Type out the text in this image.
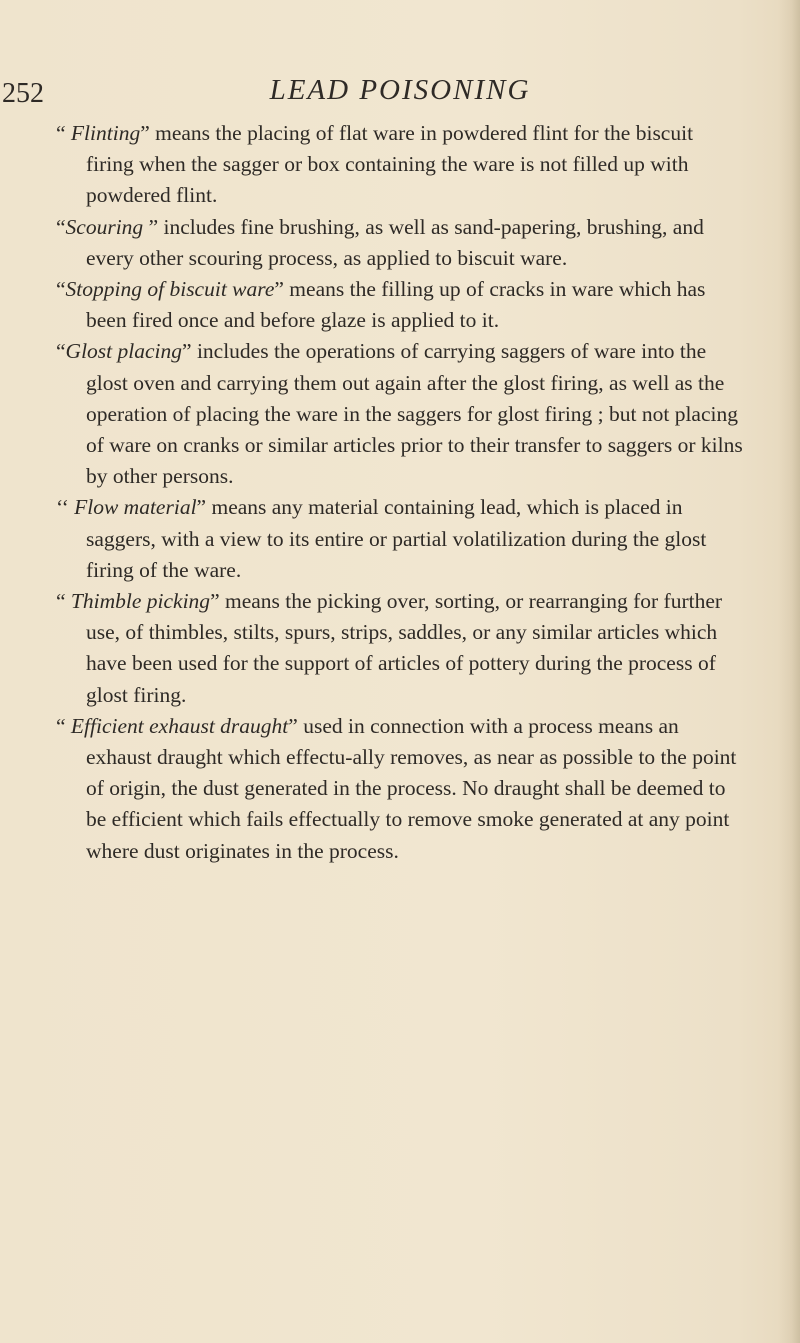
252	LEAD POISONING

“ Flinting” means the placing of flat ware in powdered flint for the biscuit firing when the sagger or box containing the ware is not filled up with powdered flint.

“Scouring ” includes fine brushing, as well as sand-papering, brushing, and every other scouring process, as applied to biscuit ware.

“Stopping of biscuit ware” means the filling up of cracks in ware which has been fired once and before glaze is applied to it.

“Glost placing” includes the operations of carrying saggers of ware into the glost oven and carrying them out again after the glost firing, as well as the operation of placing the ware in the saggers for glost firing ; but not placing of ware on cranks or similar articles prior to their transfer to saggers or kilns by other persons.

‘‘ Flow material” means any material containing lead, which is placed in saggers, with a view to its entire or partial volatilization during the glost firing of the ware.

“ Thimble picking” means the picking over, sorting, or rearranging for further use, of thimbles, stilts, spurs, strips, saddles, or any similar articles which have been used for the support of articles of pottery during the process of glost firing.

“ Efficient exhaust draught” used in connection with a process means an exhaust draught which effectu-ally removes, as near as possible to the point of origin, the dust generated in the process. No draught shall be deemed to be efficient which fails effectually to remove smoke generated at any point where dust originates in the process.
